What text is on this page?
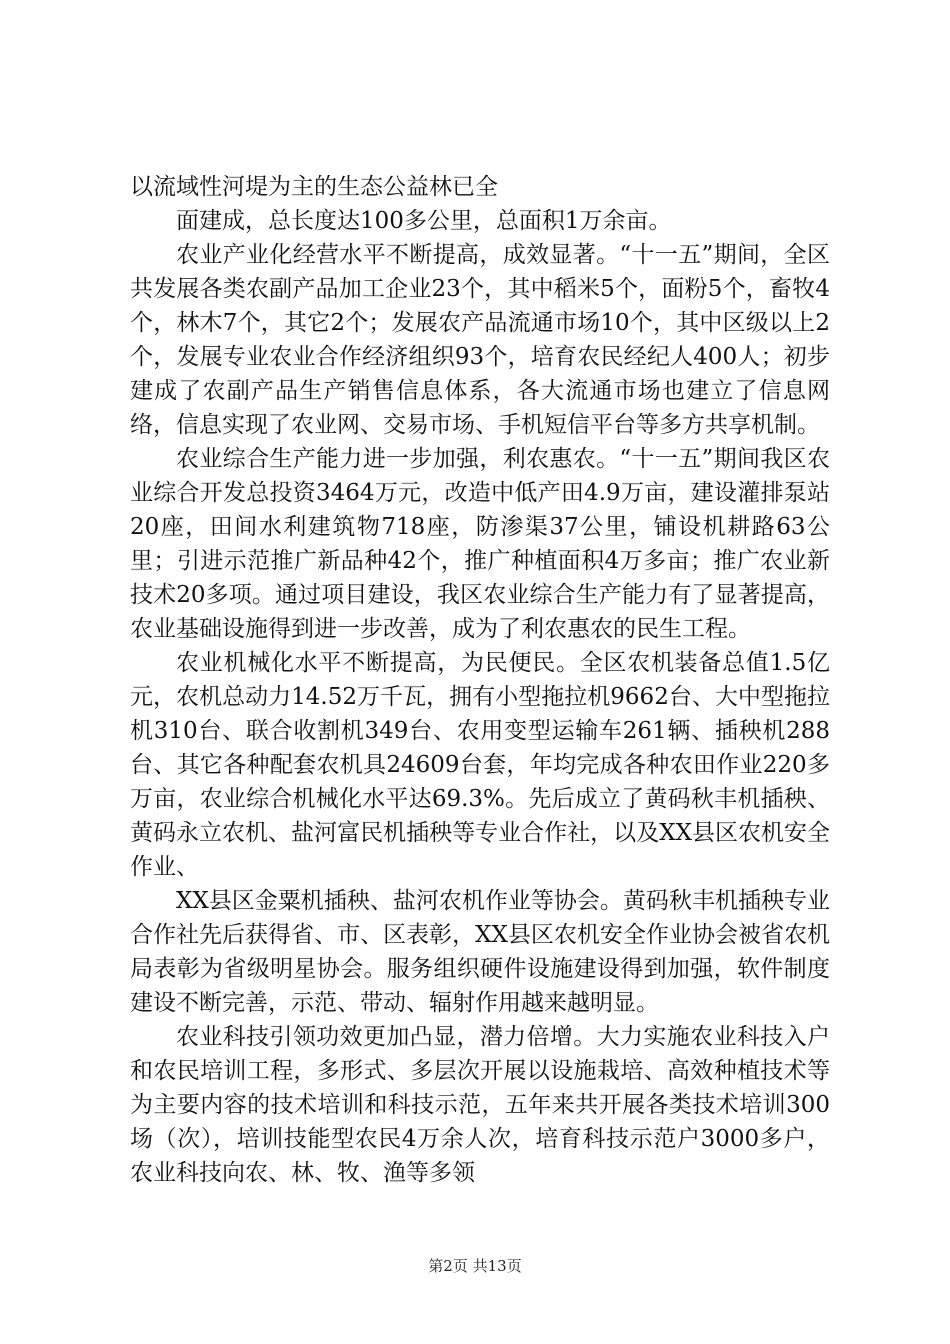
以流域性河堤为主的生态公益林已全

面建成，总长度达100多公里，总面积1万余亩。

农业产业化经营水平不断提高，成效显著。“十一五”期间，全区共发展各类农副产品加工企业23个，其中稻米5个，面粉5个，畜牧4个，林木7个，其它2个；发展农产品流通市场10个，其中区级以上2个，发展专业农业合作经济组织93个，培育农民经纪人400人；初步建成了农副产品生产销售信息体系，各大流通市场也建立了信息网络，信息实现了农业网、交易市场、手机短信平台等多方共享机制。

农业综合生产能力进一步加强，利农惠农。“十一五”期间我区农业综合开发总投资3464万元，改造中低产田4.9万亩，建设灌排泵站20座，田间水利建筑物718座，防渗渠37公里，铺设机耕路63公里；引进示范推广新品种42个，推广种植面积4万多亩；推广农业新技术20多项。通过项目建设，我区农业综合生产能力有了显著提高，农业基础设施得到进一步改善，成为了利农惠农的民生工程。

农业机械化水平不断提高，为民便民。全区农机装备总值1.5亿元，农机总动力14.52万千瓦，拥有小型拖拉机9662台、大中型拖拉机310台、联合收割机349台、农用变型运输车261辆、插秧机288台、其它各种配套农机具24609台套，年均完成各种农田作业220多万亩，农业综合机械化水平达69.3%。先后成立了黄码秋丰机插秧、黄码永立农机、盐河富民机插秧等专业合作社，以及XX县区农机安全作业、

XX县区金粟机插秧、盐河农机作业等协会。黄码秋丰机插秧专业合作社先后获得省、市、区表彰，XX县区农机安全作业协会被省农机局表彰为省级明星协会。服务组织硬件设施建设得到加强，软件制度建设不断完善，示范、带动、辐射作用越来越明显。

农业科技引领功效更加凸显，潜力倍增。大力实施农业科技入户和农民培训工程，多形式、多层次开展以设施栽培、高效种植技术等为主要内容的技术培训和科技示范，五年来共开展各类技术培训300场（次），培训技能型农民4万余人次，培育科技示范户3000多户，农业科技向农、林、牧、渔等多领

第2页 共13页
